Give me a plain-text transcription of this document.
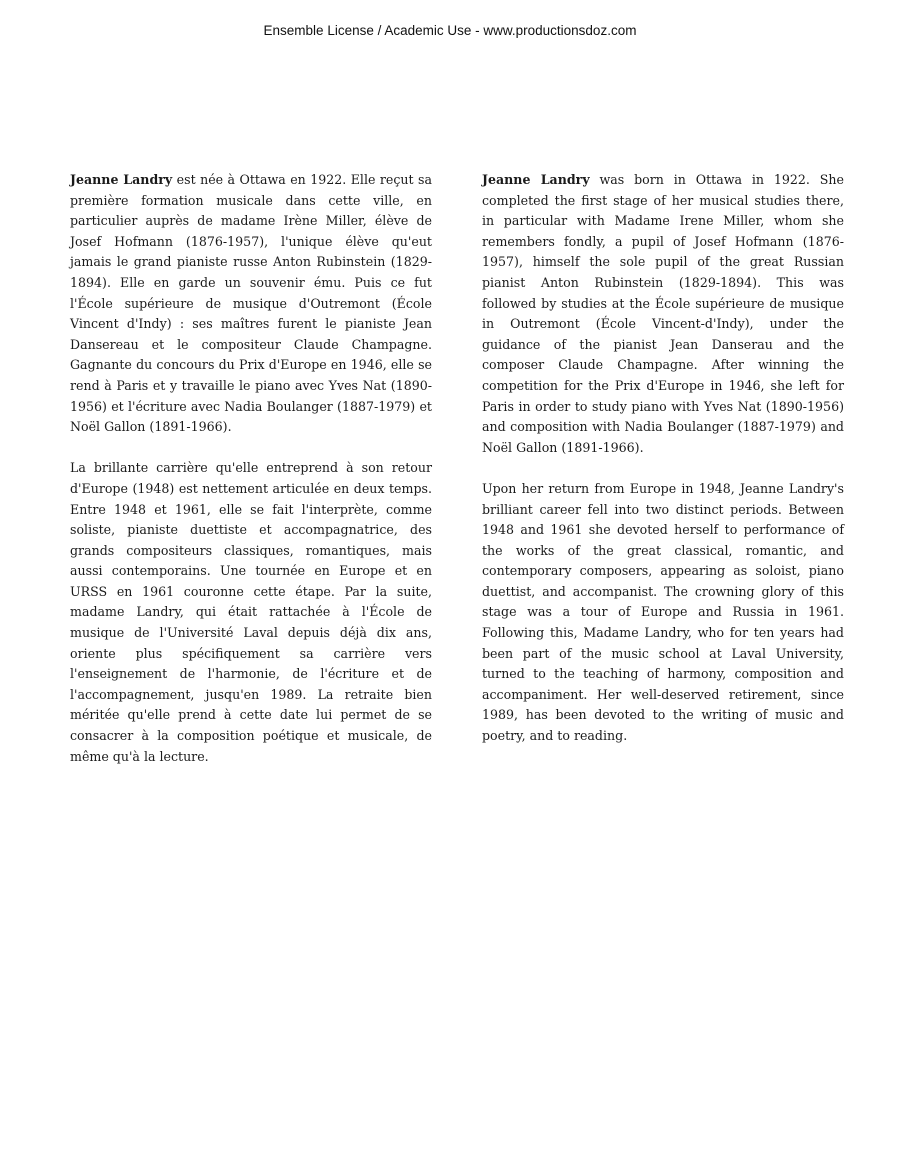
Ensemble License / Academic Use - www.productionsdoz.com

Jeanne Landry est née à Ottawa en 1922. Elle reçut sa première formation musicale dans cette ville, en particulier auprès de madame Irène Miller, élève de Josef Hofmann (1876-1957), l'unique élève qu'eut jamais le grand pianiste russe Anton Rubinstein (1829-1894). Elle en garde un souvenir ému. Puis ce fut l'École supérieure de musique d'Outremont (École Vincent d'Indy) : ses maîtres furent le pianiste Jean Dansereau et le compositeur Claude Champagne. Gagnante du concours du Prix d'Europe en 1946, elle se rend à Paris et y travaille le piano avec Yves Nat (1890-1956) et l'écriture avec Nadia Boulanger (1887-1979) et Noël Gallon (1891-1966).

La brillante carrière qu'elle entreprend à son retour d'Europe (1948) est nettement articulée en deux temps. Entre 1948 et 1961, elle se fait l'interprète, comme soliste, pianiste duettiste et accompagnatrice, des grands compositeurs classiques, romantiques, mais aussi contemporains. Une tournée en Europe et en URSS en 1961 couronne cette étape. Par la suite, madame Landry, qui était rattachée à l'École de musique de l'Université Laval depuis déjà dix ans, oriente plus spécifiquement sa carrière vers l'enseignement de l'harmonie, de l'écriture et de l'accompagnement, jusqu'en 1989. La retraite bien méritée qu'elle prend à cette date lui permet de se consacrer à la composition poétique et musicale, de même qu'à la lecture.

Jeanne Landry was born in Ottawa in 1922. She completed the first stage of her musical studies there, in particular with Madame Irene Miller, whom she remembers fondly, a pupil of Josef Hofmann (1876-1957), himself the sole pupil of the great Russian pianist Anton Rubinstein (1829-1894). This was followed by studies at the École supérieure de musique in Outremont (École Vincent-d'Indy), under the guidance of the pianist Jean Danserau and the composer Claude Champagne. After winning the competition for the Prix d'Europe in 1946, she left for Paris in order to study piano with Yves Nat (1890-1956) and composition with Nadia Boulanger (1887-1979) and Noël Gallon (1891-1966).

Upon her return from Europe in 1948, Jeanne Landry's brilliant career fell into two distinct periods. Between 1948 and 1961 she devoted herself to performance of the works of the great classical, romantic, and contemporary composers, appearing as soloist, piano duettist, and accompanist. The crowning glory of this stage was a tour of Europe and Russia in 1961. Following this, Madame Landry, who for ten years had been part of the music school at Laval University, turned to the teaching of harmony, composition and accompaniment. Her well-deserved retirement, since 1989, has been devoted to the writing of music and poetry, and to reading.
